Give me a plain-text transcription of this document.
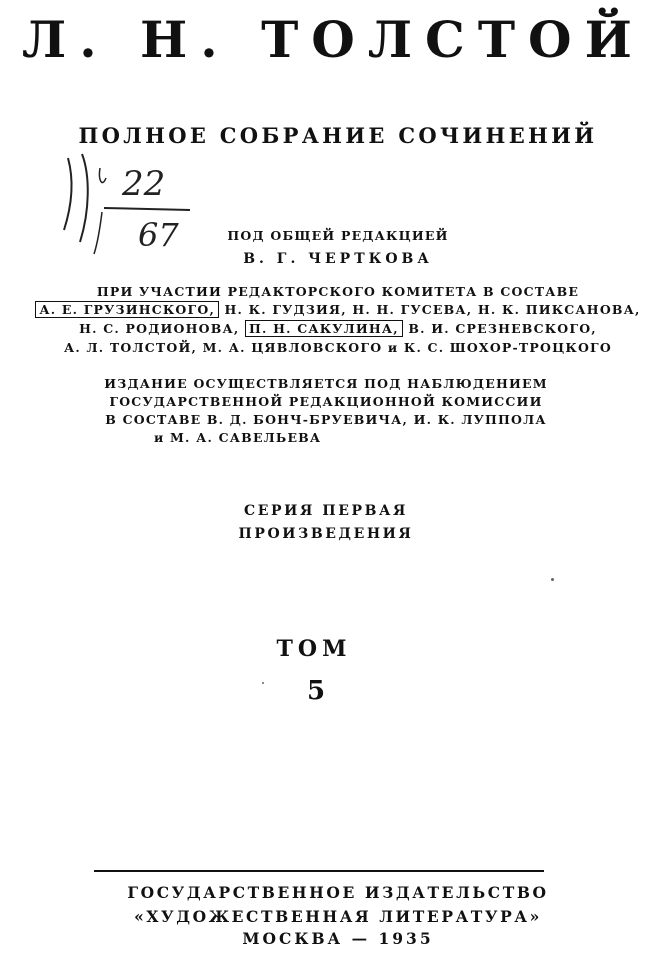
Л. Н. ТОЛСТОЙ
ПОЛНОЕ СОБРАНИЕ СОЧИНЕНИЙ
22
67	ПОД ОБЩЕЙ РЕДАКЦИЕЙ
В. Г. ЧЕРТКОВА
ПРИ УЧАСТИИ РЕДАКТОРСКОГО КОМИТЕТА В СОСТАВЕ
А. Е. ГРУЗИНСКОГО, Н. К. ГУДЗИЯ, Н. Н. ГУСЕВА, Н. К. ПИКСАНОВА,
Н. С. РОДИОНОВА, П. Н. САКУЛИНА, В. И. СРЕЗНЕВСКОГО,
А. Л. ТОЛСТОЙ, М. А. ЦЯВЛОВСКОГО и К. С. ШОХОР-ТРОЦКОГО
ИЗДАНИЕ ОСУЩЕСТВЛЯЕТСЯ ПОД НАБЛЮДЕНИЕМ
ГОСУДАРСТВЕННОЙ РЕДАКЦИОННОЙ КОМИССИИ
В СОСТАВЕ В. Д. БОНЧ-БРУЕВИЧА, И. К. ЛУППОЛА
и М. А. САВЕЛЬЕВА
СЕРИЯ ПЕРВАЯ
ПРОИЗВЕДЕНИЯ
ТОМ
5
ГОСУДАРСТВЕННОЕ ИЗДАТЕЛЬСТВО
«ХУДОЖЕСТВЕННАЯ ЛИТЕРАТУРА»
МОСКВА — 1935
